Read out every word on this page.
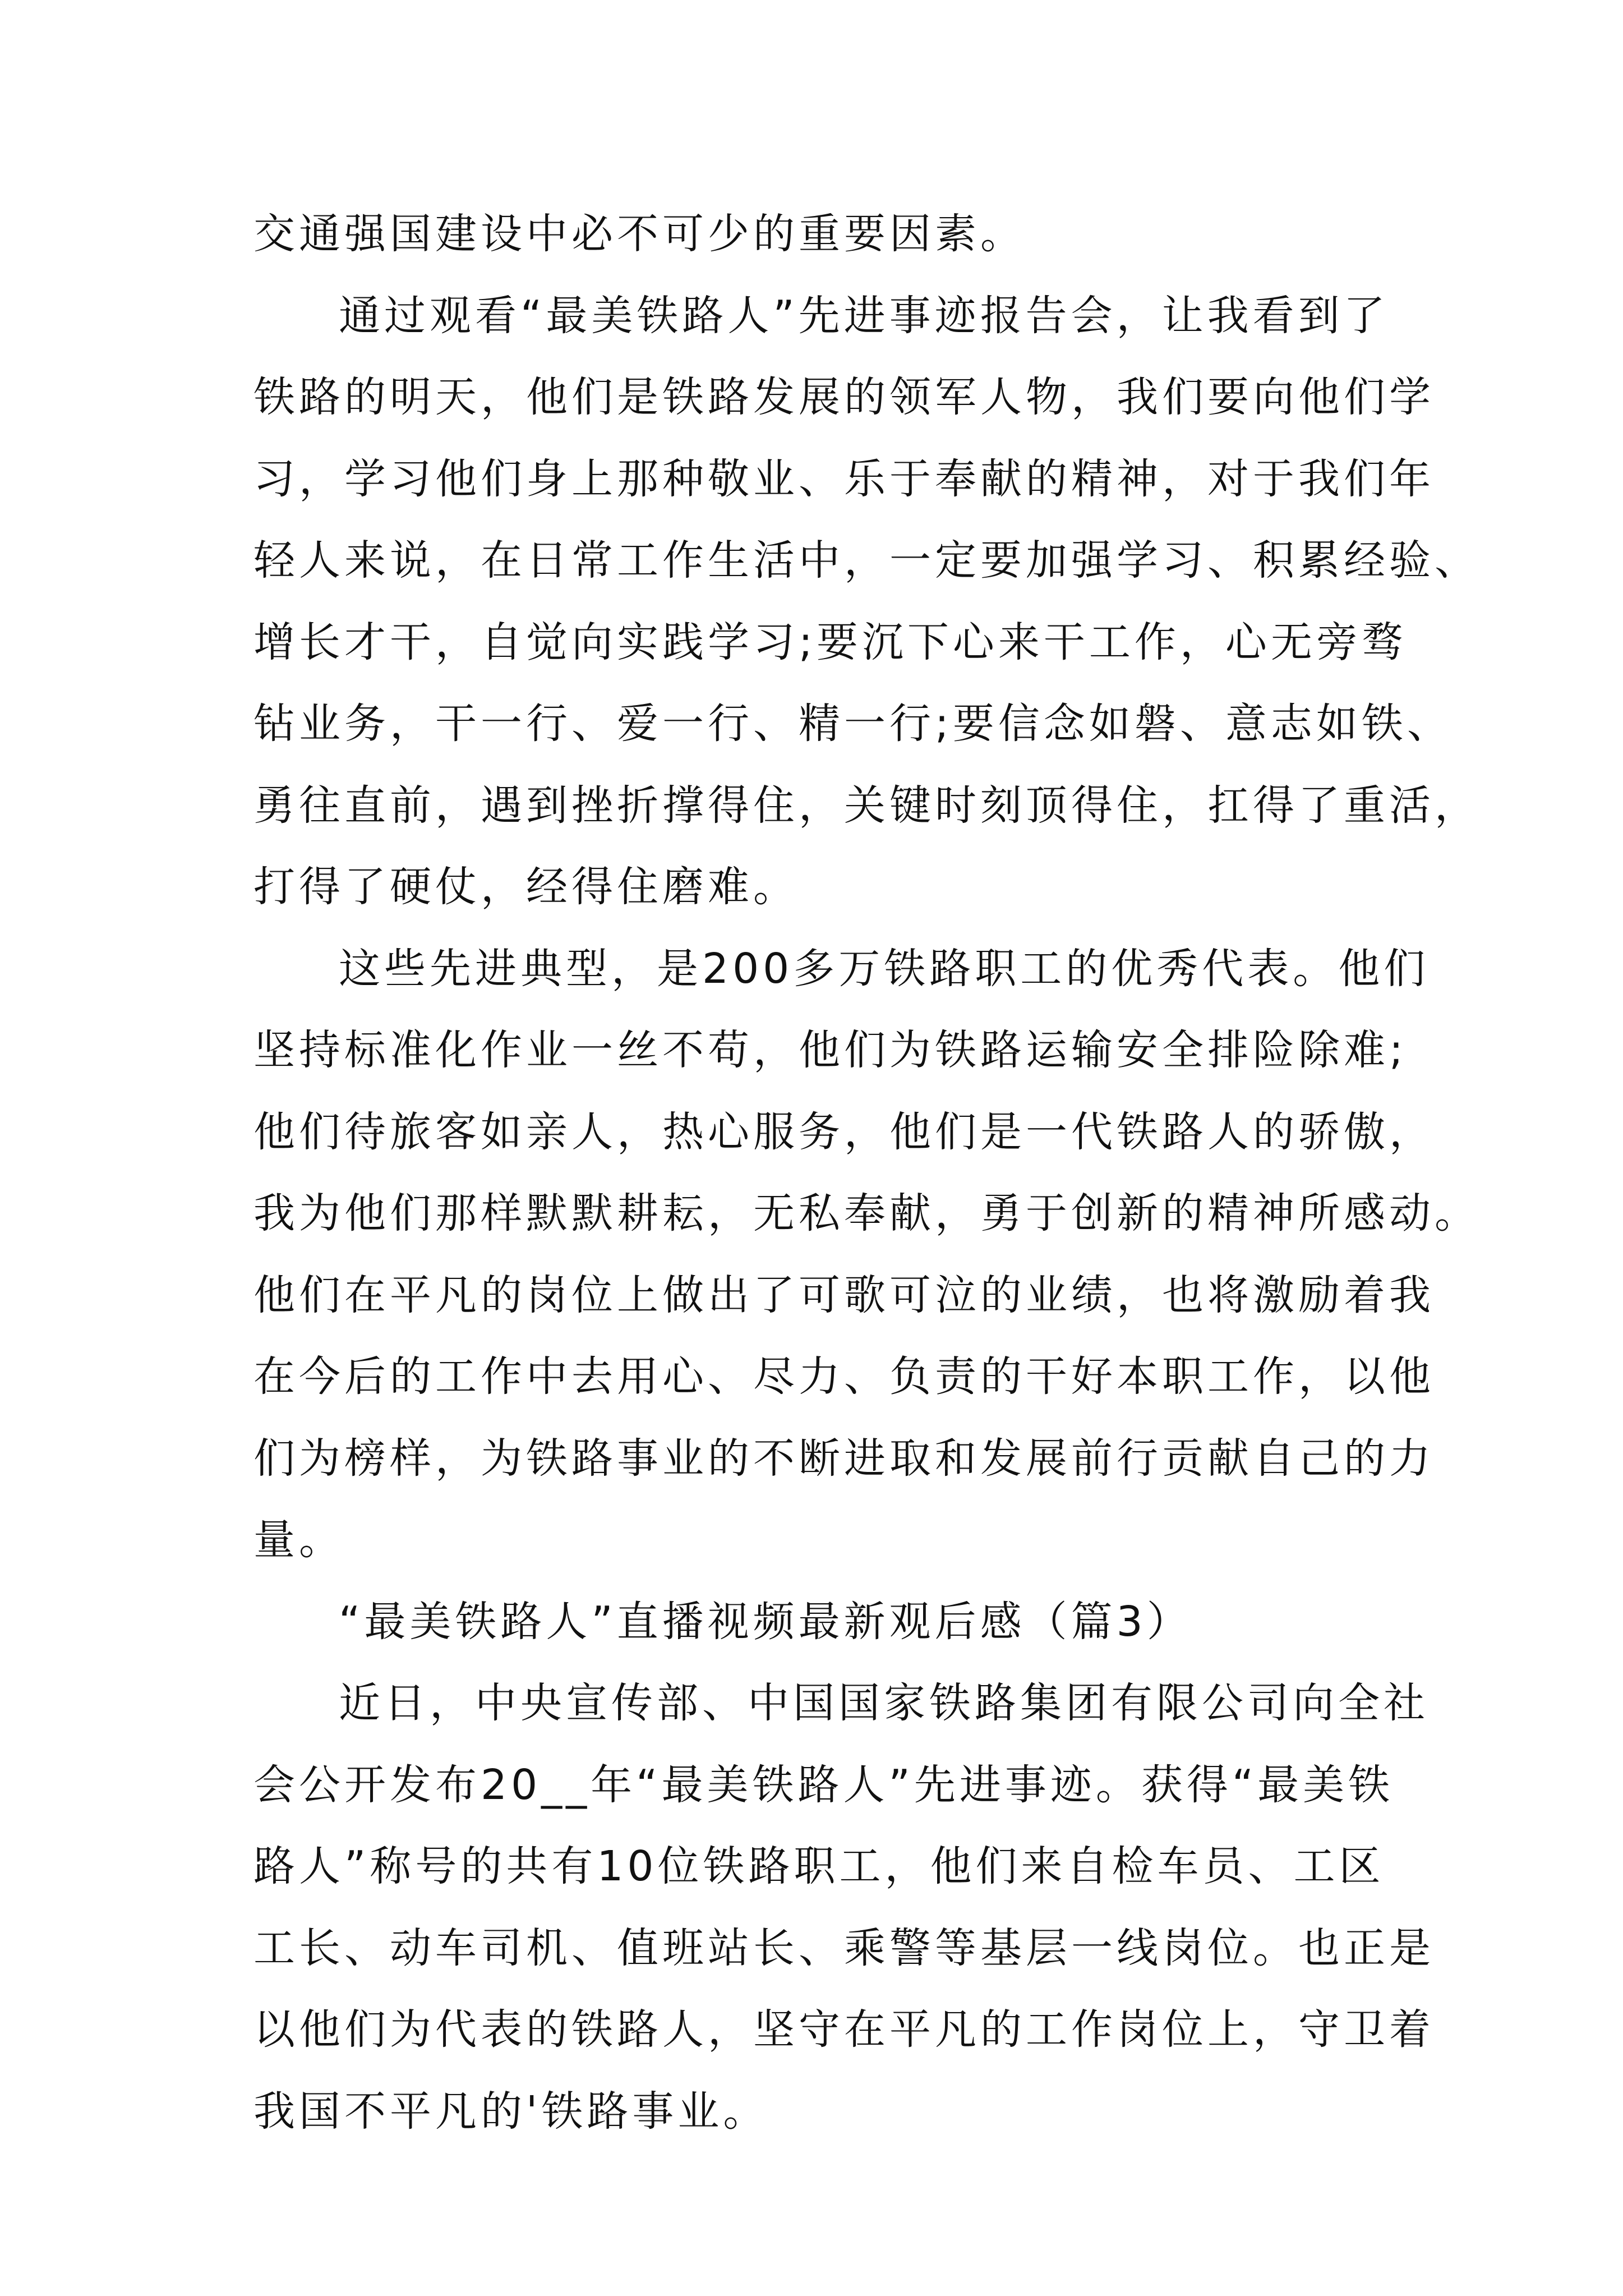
交通强国建设中必不可少的重要因素。
通过观看“最美铁路人”先进事迹报告会，让我看到了
铁路的明天，他们是铁路发展的领军人物，我们要向他们学
习，学习他们身上那种敬业、乐于奉献的精神，对于我们年
轻人来说，在日常工作生活中，一定要加强学习、积累经验、
增长才干，自觉向实践学习;要沉下心来干工作，心无旁骛
钻业务，干一行、爱一行、精一行;要信念如磐、意志如铁、
勇往直前，遇到挫折撑得住，关键时刻顶得住，扛得了重活，
打得了硬仗，经得住磨难。
这些先进典型，是200多万铁路职工的优秀代表。他们
坚持标准化作业一丝不苟，他们为铁路运输安全排险除难;
他们待旅客如亲人，热心服务，他们是一代铁路人的骄傲，
我为他们那样默默耕耘，无私奉献，勇于创新的精神所感动。
他们在平凡的岗位上做出了可歌可泣的业绩，也将激励着我
在今后的工作中去用心、尽力、负责的干好本职工作，以他
们为榜样，为铁路事业的不断进取和发展前行贡献自己的力
量。
“最美铁路人”直播视频最新观后感（篇3）
近日，中央宣传部、中国国家铁路集团有限公司向全社
会公开发布20__年“最美铁路人”先进事迹。获得“最美铁
路人”称号的共有10位铁路职工，他们来自检车员、工区
工长、动车司机、值班站长、乘警等基层一线岗位。也正是
以他们为代表的铁路人，坚守在平凡的工作岗位上，守卫着
我国不平凡的'铁路事业。
